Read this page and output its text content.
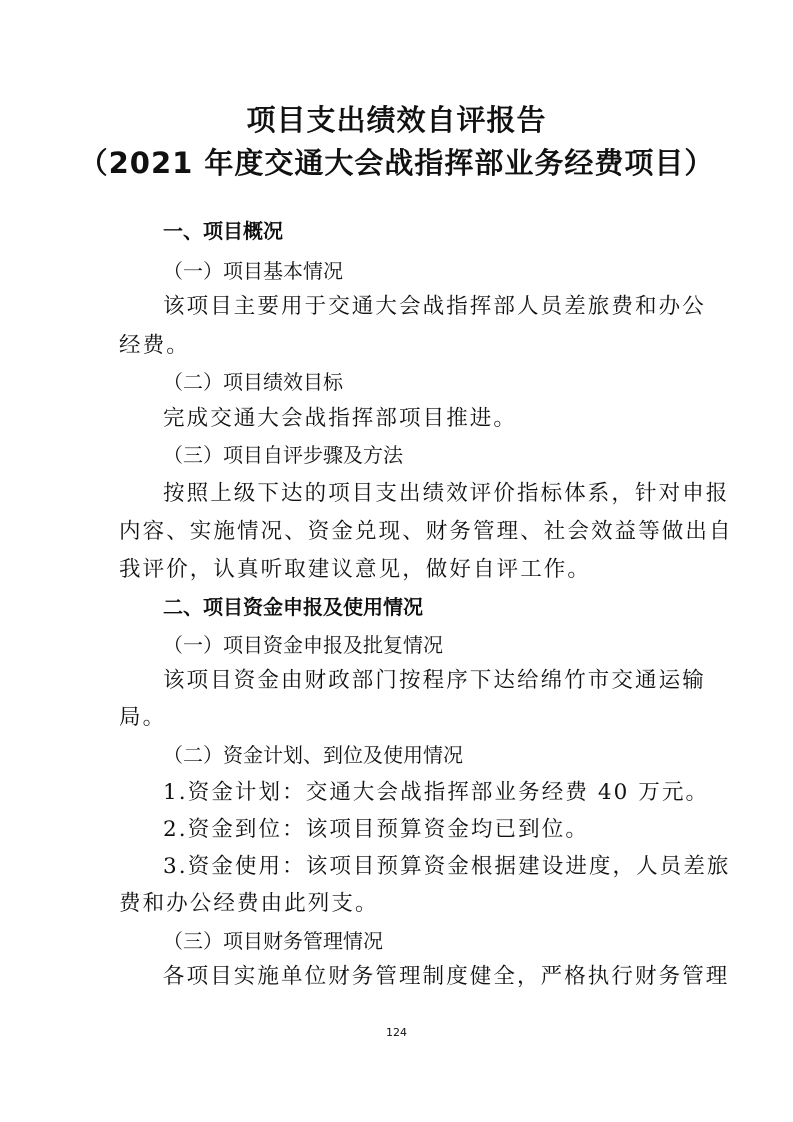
项目支出绩效自评报告
（2021 年度交通大会战指挥部业务经费项目）
一、项目概况
（一）项目基本情况
该项目主要用于交通大会战指挥部人员差旅费和办公
经费。
（二）项目绩效目标
完成交通大会战指挥部项目推进。
（三）项目自评步骤及方法
按照上级下达的项目支出绩效评价指标体系，针对申报
内容、实施情况、资金兑现、财务管理、社会效益等做出自
我评价，认真听取建议意见，做好自评工作。
二、项目资金申报及使用情况
（一）项目资金申报及批复情况
该项目资金由财政部门按程序下达给绵竹市交通运输
局。
（二）资金计划、到位及使用情况
1.资金计划：交通大会战指挥部业务经费 40 万元。
2.资金到位：该项目预算资金均已到位。
3.资金使用：该项目预算资金根据建设进度，人员差旅
费和办公经费由此列支。
（三）项目财务管理情况
各项目实施单位财务管理制度健全，严格执行财务管理
124
